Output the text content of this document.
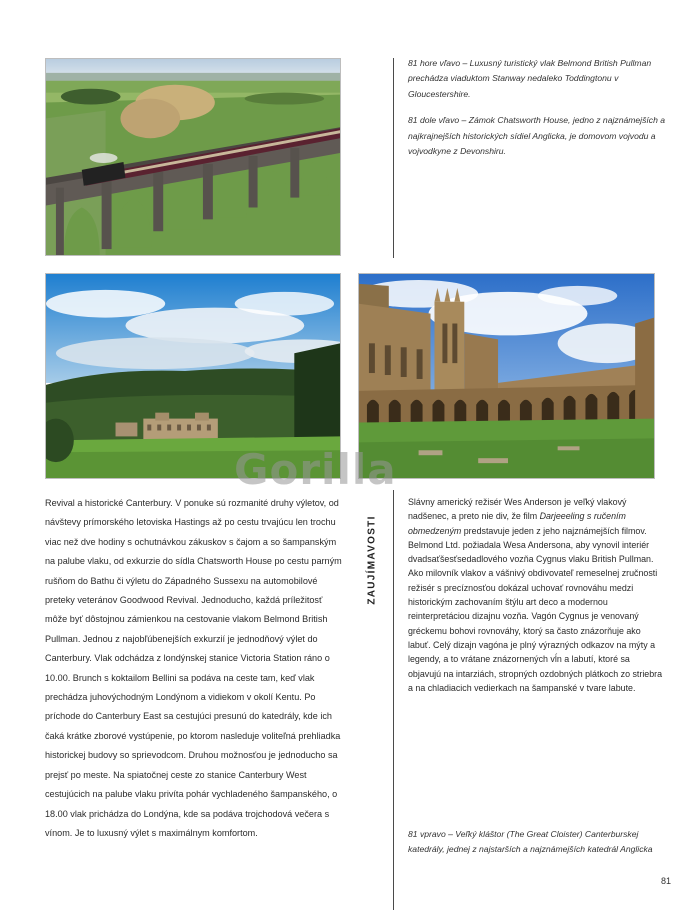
81 hore vľavo – Luxusný turistický vlak Belmond British Pullman prechádza viaduktom Stanway nedaleko Toddingtonu v Gloucestershire.

81 dole vľavo – Zámok Chatsworth House, jedno z najznámejších a najkrajnejších historických sídiel Anglicka, je domovom vojvodu a vojvodkyne z Devonshiru.

Revival a historické Canterbury. V ponuke sú rozmanité druhy výletov, od návštevy prímorského letoviska Hastings až po cestu trvajúcu len trochu viac než dve hodiny s ochutnávkou zákuskov s čajom a so šampanským na palube vlaku, od exkurzie do sídla Chatsworth House po cestu parným rušňom do Bathu či výletu do Západného Sussexu na automobilové preteky veteránov Goodwood Revival. Jednoducho, každá príležitosť môže byť dôstojnou zámienkou na cestovanie vlakom Belmond British Pullman. Jednou z najobľúbenejších exkurzií je jednodňový výlet do Canterbury. Vlak odchádza z londýnskej stanice Victoria Station ráno o 10.00. Brunch s koktailom Bellini sa podáva na ceste tam, keď vlak prechádza juhovýchodným Londýnom a vidiekom v okolí Kentu. Po príchode do Canterbury East sa cestujúci presunú do katedrály, kde ich čaká krátke zborové vystúpenie, po ktorom nasleduje voliteľná prehliadka historickej budovy so sprievodcom. Druhou možnosťou je jednoducho sa prejsť po meste. Na spiatočnej ceste zo stanice Canterbury West cestujúcich na palube vlaku privíta pohár vychladeného šampanského, o 18.00 vlak prichádza do Londýna, kde sa podáva trojchodová večera s vínom. Je to luxusný výlet s maximálnym komfortom.
ZAUJÍMAVOSTI
Slávny americký režisér Wes Anderson je veľký vlakový nadšenec, a preto nie div, že film Darjeeeling s ručením obmedzeným predstavuje jeden z jeho najznámejších filmov. Belmond Ltd. požiadala Wesa Andersona, aby vynovil interiér dvadsaťšesťsedadlového vozňa Cygnus vlaku British Pullman. Ako milovník vlakov a vášnivý obdivovateľ remeselnej zručnosti režisér s precíznosťou dokázal uchovať rovnováhu medzi historickým zachovaním štýlu art deco a modernou reinterpretáciou dizajnu vozňa. Vagón Cygnus je venovaný gréckemu bohovi rovnováhy, ktorý sa často znázorňuje ako labuť. Celý dizajn vagóna je plný výrazných odkazov na mýty a legendy, a to vrátane znázornených vĺn a labutí, ktoré sa objavujú na intarziách, stropných ozdobných plátkoch zo striebra a na chladiacich vedierkach na šampanské v tvare labute.
81 vpravo – Veľký kláštor (The Great Cloister) Canterburskej katedrály, jednej z najstarších a najznámejších katedrál Anglicka
Gorilla
81
